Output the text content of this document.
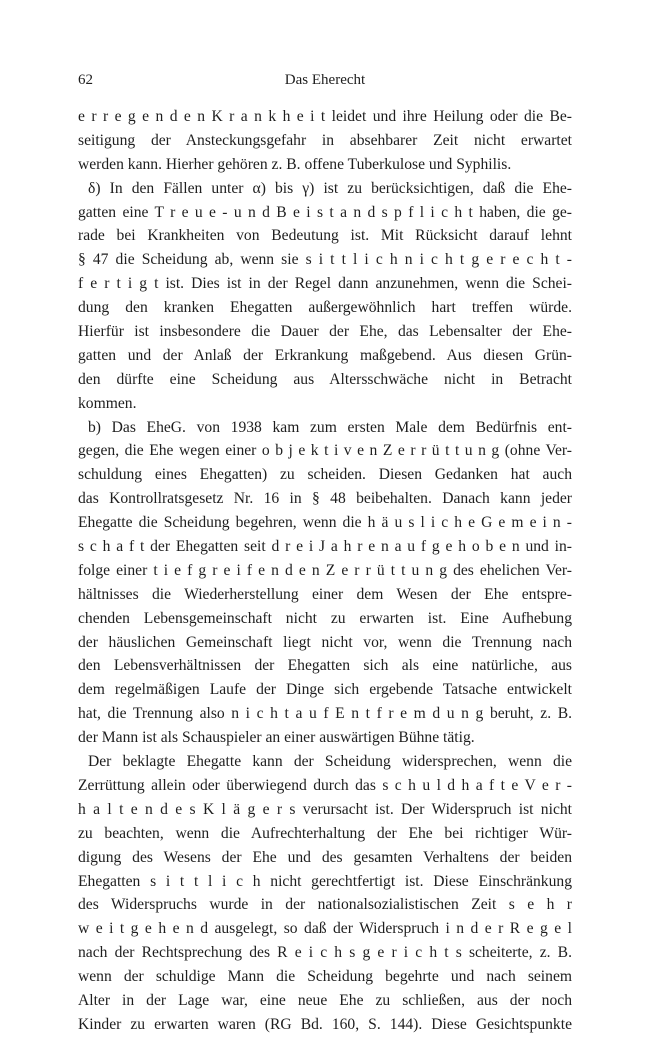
62	Das Eherecht
e r r e g e n d e n K r a n k h e i t leidet und ihre Heilung oder die Be-
seitigung der Ansteckungsgefahr in absehbarer Zeit nicht erwartet
werden kann. Hierher gehören z. B. offene Tuberkulose und Syphilis.
δ) In den Fällen unter α) bis γ) ist zu berücksichtigen, daß die Ehe-
gatten eine T r e u e - u n d B e i s t a n d s p f l i c h t haben, die ge-
rade bei Krankheiten von Bedeutung ist. Mit Rücksicht darauf lehnt
§ 47 die Scheidung ab, wenn sie s i t t l i c h n i c h t g e r e c h t -
f e r t i g t ist. Dies ist in der Regel dann anzunehmen, wenn die Schei-
dung den kranken Ehegatten außergewöhnlich hart treffen würde.
Hierfür ist insbesondere die Dauer der Ehe, das Lebensalter der Ehe-
gatten und der Anlaß der Erkrankung maßgebend. Aus diesen Grün-
den dürfte eine Scheidung aus Altersschwäche nicht in Betracht
kommen.
b) Das EheG. von 1938 kam zum ersten Male dem Bedürfnis ent-
gegen, die Ehe wegen einer o b j e k t i v e n Z e r r ü t t u n g (ohne Ver-
schuldung eines Ehegatten) zu scheiden. Diesen Gedanken hat auch
das Kontrollratsgesetz Nr. 16 in § 48 beibehalten. Danach kann jeder
Ehegatte die Scheidung begehren, wenn die h ä u s l i c h e G e m e i n -
s c h a f t der Ehegatten seit d r e i J a h r e n a u f g e h o b e n und in-
folge einer t i e f g r e i f e n d e n Z e r r ü t t u n g des ehelichen Ver-
hältnisses die Wiederherstellung einer dem Wesen der Ehe entspre-
chenden Lebensgemeinschaft nicht zu erwarten ist. Eine Aufhebung
der häuslichen Gemeinschaft liegt nicht vor, wenn die Trennung nach
den Lebensverhältnissen der Ehegatten sich als eine natürliche, aus
dem regelmäßigen Laufe der Dinge sich ergebende Tatsache entwickelt
hat, die Trennung also n i c h t a u f E n t f r e m d u n g beruht, z. B.
der Mann ist als Schauspieler an einer auswärtigen Bühne tätig.
Der beklagte Ehegatte kann der Scheidung widersprechen, wenn die
Zerrüttung allein oder überwiegend durch das s c h u l d h a f t e V e r -
h a l t e n d e s K l ä g e r s verursacht ist. Der Widerspruch ist nicht
zu beachten, wenn die Aufrechterhaltung der Ehe bei richtiger Wür-
digung des Wesens der Ehe und des gesamten Verhaltens der beiden
Ehegatten s i t t l i c h nicht gerechtfertigt ist. Diese Einschränkung
des Widerspruchs wurde in der nationalsozialistischen Zeit s e h r
w e i t g e h e n d ausgelegt, so daß der Widerspruch i n d e r R e g e l
nach der Rechtsprechung des R e i c h s g e r i c h t s scheiterte, z. B.
wenn der schuldige Mann die Scheidung begehrte und nach seinem
Alter in der Lage war, eine neue Ehe zu schließen, aus der noch
Kinder zu erwarten waren (RG Bd. 160, S. 144). Diese Gesichtspunkte
